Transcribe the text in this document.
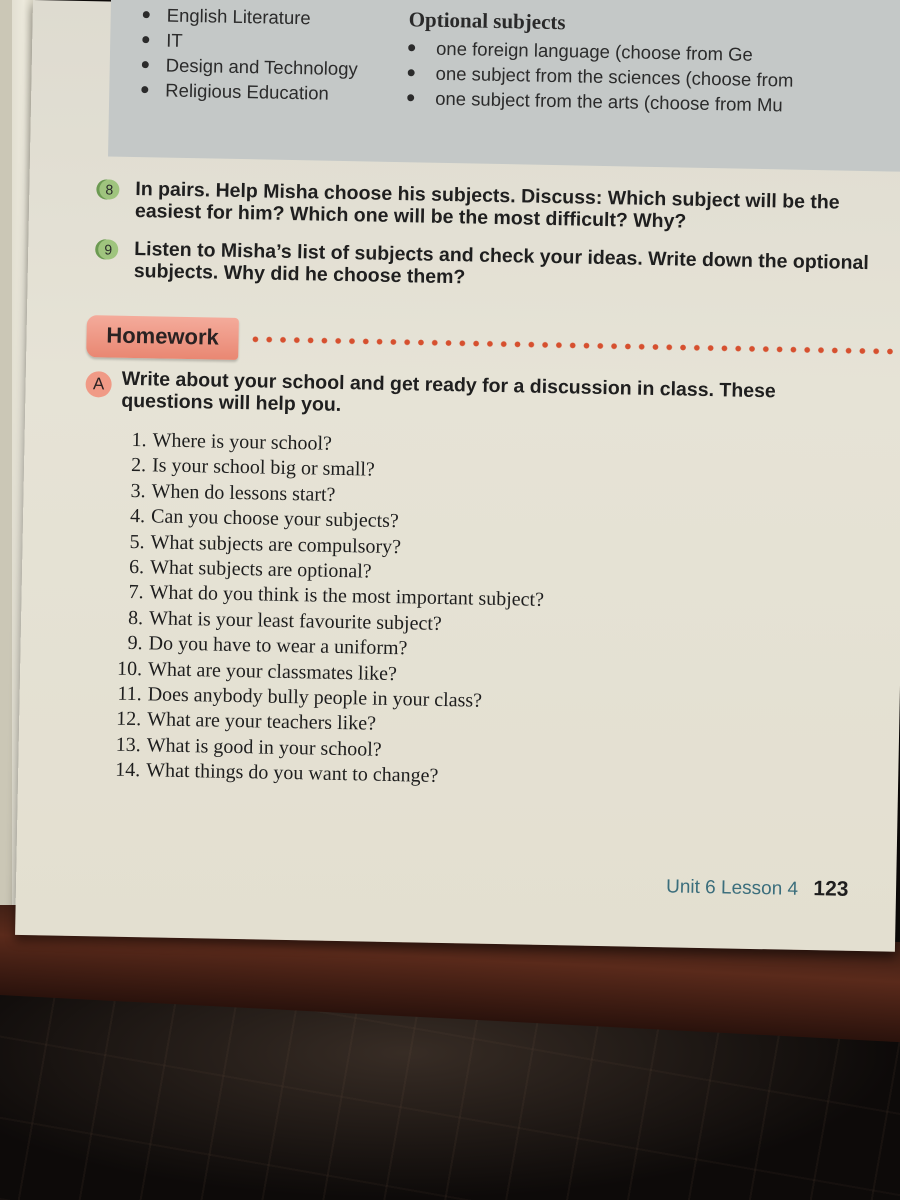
English Literature
IT
Design and Technology
Religious Education
Optional subjects
one foreign language (choose from Ge
one subject from the sciences (choose from
one subject from the arts (choose from Mu
8	In pairs. Help Misha choose his subjects. Discuss: Which subject will be the easiest for him? Which one will be the most difficult? Why?
9	Listen to Misha’s list of subjects and check your ideas. Write down the optional subjects. Why did he choose them?
Homework
A Write about your school and get ready for a discussion in class. These questions will help you.
1. Where is your school?
2. Is your school big or small?
3. When do lessons start?
4. Can you choose your subjects?
5. What subjects are compulsory?
6. What subjects are optional?
7. What do you think is the most important subject?
8. What is your least favourite subject?
9. Do you have to wear a uniform?
10. What are your classmates like?
11. Does anybody bully people in your class?
12. What are your teachers like?
13. What is good in your school?
14. What things do you want to change?
Unit 6 Lesson 4 123
